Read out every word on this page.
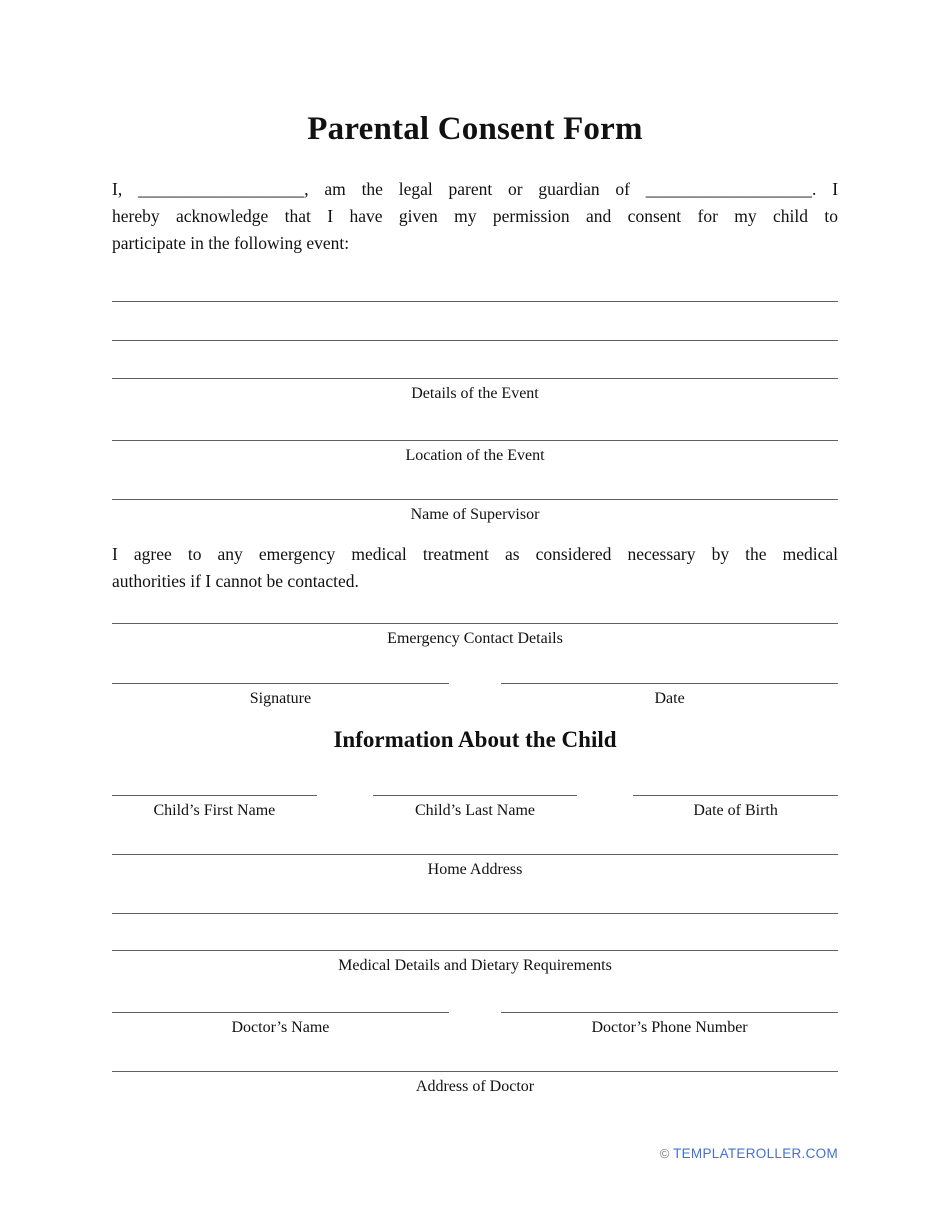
Parental Consent Form
I, ___________________, am the legal parent or guardian of ___________________. I
hereby acknowledge that I have given my permission and consent for my child to
participate in the following event:
Details of the Event
Location of the Event
Name of Supervisor
I agree to any emergency medical treatment as considered necessary by the medical
authorities if I cannot be contacted.
Emergency Contact Details
Signature	Date
Information About the Child
Child’s First Name	Child’s Last Name	Date of Birth
Home Address
Medical Details and Dietary Requirements
Doctor’s Name	Doctor’s Phone Number
Address of Doctor
© TEMPLATEROLLER.COM
